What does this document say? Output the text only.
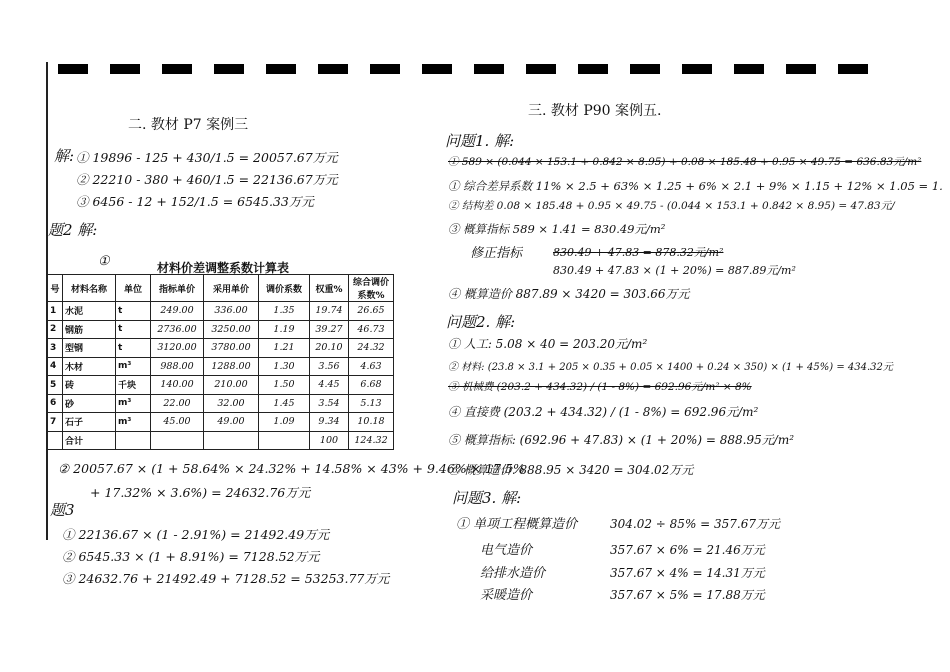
二. 教材 P7 案例三
解: ① 19896 - 125 + 430/1.5 = 20057.67万元
② 22210 - 380 + 460/1.5 = 22136.67万元
③ 6456 - 12 + 152/1.5 = 6545.33万元
题2 解:
①	材料价差调整系数计算表
号	材料名称	单位	指标单价	采用单价	调价系数	权重%	综合调价系数%
1	水泥	t	249.00	336.00	1.35	19.74	26.65
2	钢筋	t	2736.00	3250.00	1.19	39.27	46.73
3	型钢	t	3120.00	3780.00	1.21	20.10	24.32
4	木材	m³	988.00	1288.00	1.30	3.56	4.63
5	砖	千块	140.00	210.00	1.50	4.45	6.68
6	砂	m³	22.00	32.00	1.45	3.54	5.13
7	石子	m³	45.00	49.00	1.09	9.34	10.18
	合计					100	124.32
② 20057.67 × (1 + 58.64% × 24.32% + 14.58% × 43% + 9.46% × 17.5%
+ 17.32% × 3.6%) = 24632.76万元
题3
① 22136.67 × (1 - 2.91%) = 21492.49万元
② 6545.33 × (1 + 8.91%) = 7128.52万元
③ 24632.76 + 21492.49 + 7128.52 = 53253.77万元
三. 教材 P90 案例五.
问题1. 解:
① 589 × (0.044 × 153.1 + 0.842 × 8.95) + 0.08 × 185.48 + 0.95 × 49.75 = 636.83元/m²
① 综合差异系数 11% × 2.5 + 63% × 1.25 + 6% × 2.1 + 9% × 1.15 + 12% × 1.05 = 1.
② 结构差 0.08 × 185.48 + 0.95 × 49.75 - (0.044 × 153.1 + 0.842 × 8.95) = 47.83元/
③ 概算指标 589 × 1.41 = 830.49元/m²
修正指标	830.49 + 47.83 = 878.32元/m²
830.49 + 47.83 × (1 + 20%) = 887.89元/m²
④ 概算造价 887.89 × 3420 = 303.66万元
问题2. 解:
① 人工: 5.08 × 40 = 203.20元/m²
② 材料: (23.8 × 3.1 + 205 × 0.35 + 0.05 × 1400 + 0.24 × 350) × (1 + 45%) = 434.32元
③ 机械费 (203.2 + 434.32) / (1 - 8%) = 692.96元/m² × 8%
④ 直接费 (203.2 + 434.32) / (1 - 8%) = 692.96元/m²
⑤ 概算指标: (692.96 + 47.83) × (1 + 20%) = 888.95元/m²
⑥ 概算造价. 888.95 × 3420 = 304.02万元
问题3. 解:
① 单项工程概算造价	304.02 ÷ 85% = 357.67万元
电气造价	357.67 × 6% = 21.46万元
给排水造价	357.67 × 4% = 14.31万元
采暖造价	357.67 × 5% = 17.88万元
